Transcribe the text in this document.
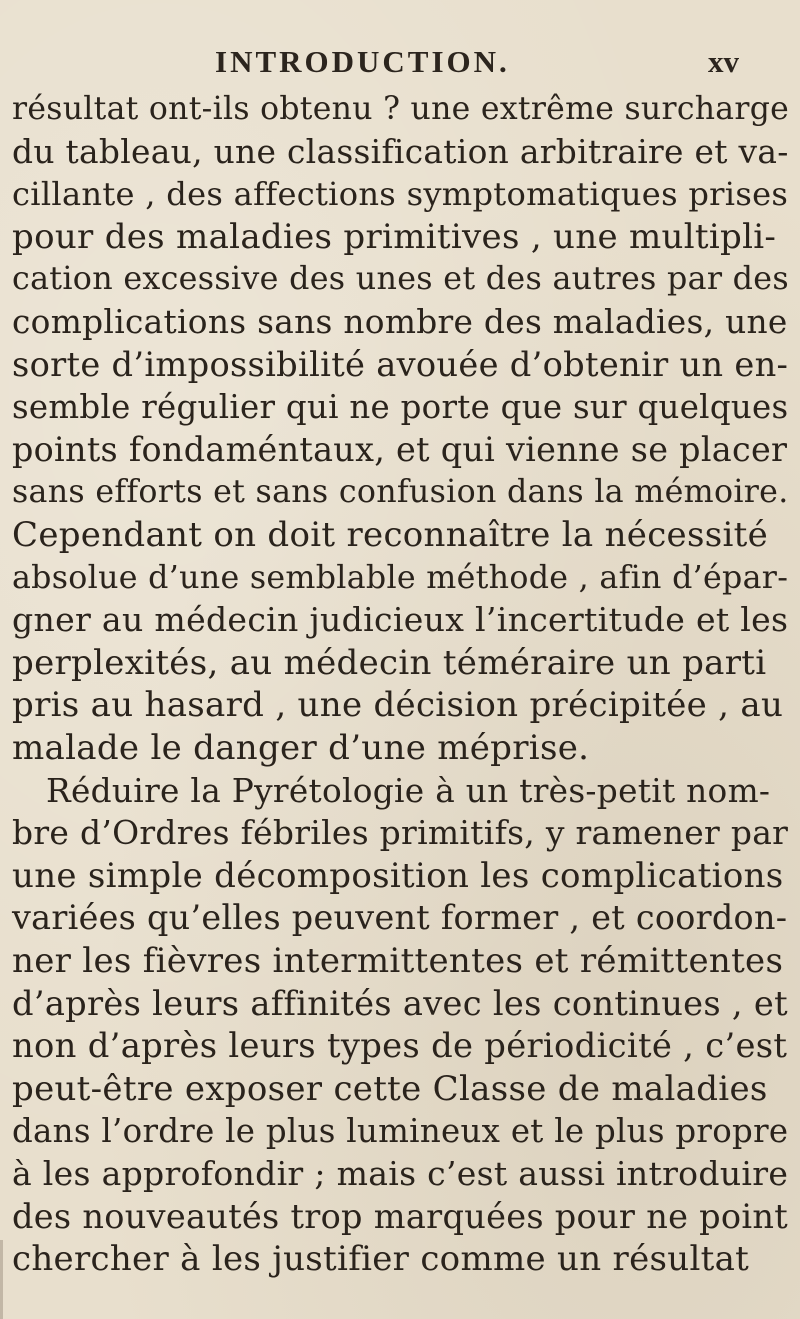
INTRODUCTION.	xv
résultat ont-ils obtenu ? une extrême surcharge
du tableau, une classification arbitraire et va-
cillante , des affections symptomatiques prises
pour des maladies primitives , une multipli-
cation excessive des unes et des autres par des
complications sans nombre des maladies, une
sorte d’impossibilité avouée d’obtenir un en-
semble régulier qui ne porte que sur quelques
points fondaméntaux, et qui vienne se placer
sans efforts et sans confusion dans la mémoire.
Cependant on doit reconnaître la nécessité
absolue d’une semblable méthode , afin d’épar-
gner au médecin judicieux l’incertitude et les
perplexités, au médecin téméraire un parti
pris au hasard , une décision précipitée , au
malade le danger d’une méprise.
Réduire la Pyrétologie à un très-petit nom-
bre d’Ordres fébriles primitifs, y ramener par
une simple décomposition les complications
variées qu’elles peuvent former , et coordon-
ner les fièvres intermittentes et rémittentes
d’après leurs affinités avec les continues , et
non d’après leurs types de périodicité , c’est
peut-être exposer cette Classe de maladies
dans l’ordre le plus lumineux et le plus propre
à les approfondir ; mais c’est aussi introduire
des nouveautés trop marquées pour ne point
chercher à les justifier comme un résultat
